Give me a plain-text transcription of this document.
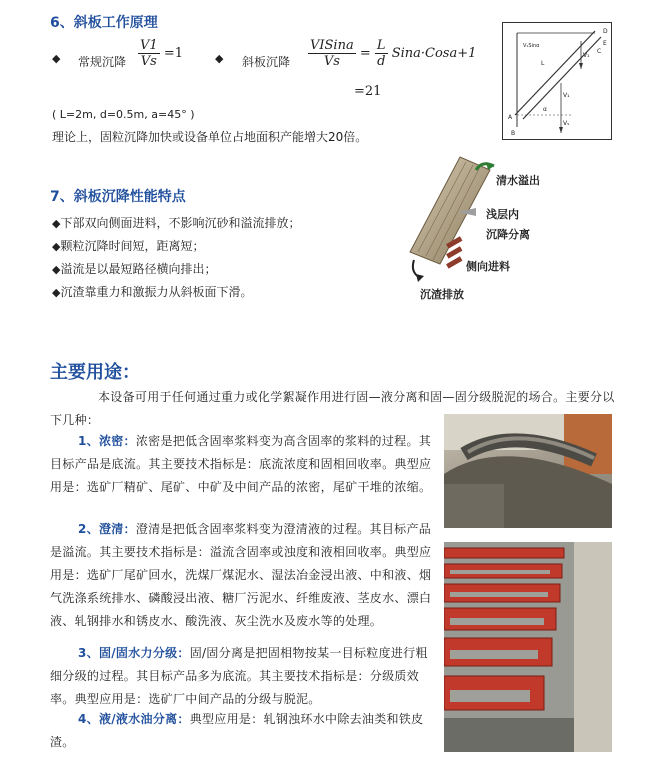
6、斜板工作原理
◆ 常规沉降 $\frac{V1}{Vs} =1$	◆ 斜板沉降 $\frac{\text{VISina}}{Vs} = \frac{L}{d}$ Sina·Cosa+1
=21
( L=2m, d=0.5m, a=45° )
理论上，固粒沉降加快或设备单位占地面积产能增大20倍。
A
B
C
D
E
L
V₁Sinα
V₁
Vₛ
V₁
α
7、斜板沉降性能特点
◆下部双向侧面进料，不影响沉砂和溢流排放；
◆颗粒沉降时间短，距离短；
◆溢流是以最短路径横向排出；
◆沉渣靠重力和激振力从斜板面下滑。
清水溢出
浅层内
沉降分离
侧向进料
沉渣排放
主要用途：
本设备可用于任何通过重力或化学絮凝作用进行固—液分离和固—固分级脱泥的场合。主要分以下几种：
1、浓密：浓密是把低含固率浆料变为高含固率的浆料的过程。其目标产品是底流。其主要技术指标是：底流浓度和固相回收率。典型应用是：选矿厂精矿、尾矿、中矿及中间产品的浓密，尾矿干堆的浓缩。
2、澄清：澄清是把低含固率浆料变为澄清液的过程。其目标产品是溢流。其主要技术指标是：溢流含固率或浊度和液相回收率。典型应用是：选矿厂尾矿回水，洗煤厂煤泥水、湿法冶金浸出液、中和液、烟气洗涤系统排水、磷酸浸出液、糖厂污泥水、纤维废液、茎皮水、漂白液、轧钢排水和锈皮水、酸洗液、灰尘洗水及废水等的处理。
3、固/固水力分级：固/固分离是把固相物按某一目标粒度进行粗细分级的过程。其目标产品多为底流。其主要技术指标是：分级质效率。典型应用是：选矿厂中间产品的分级与脱泥。
4、液/液水油分离：典型应用是：轧钢浊环水中除去油类和铁皮渣。
